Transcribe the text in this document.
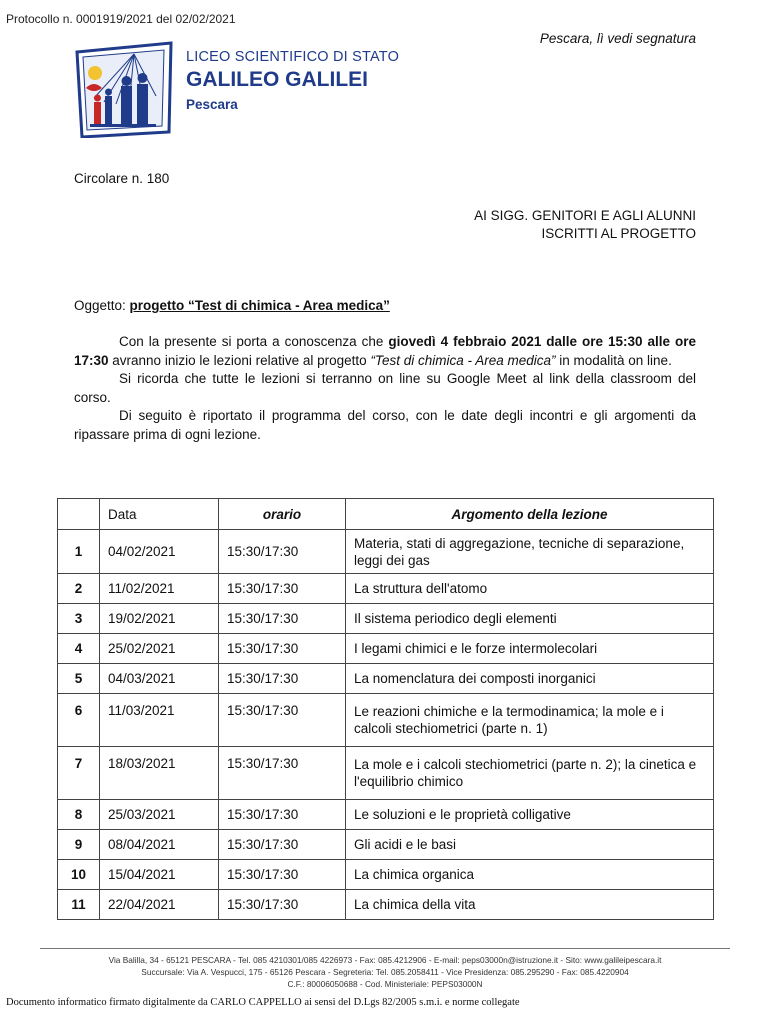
Protocollo n. 0001919/2021 del 02/02/2021
Pescara, lì vedi segnatura
LICEO SCIENTIFICO DI STATO
GALILEO GALILEI
Pescara
Circolare n. 180
AI SIGG. GENITORI E AGLI ALUNNI
ISCRITTI AL PROGETTO
Oggetto: progetto “Test di chimica - Area medica”

Con la presente si porta a conoscenza che giovedì 4 febbraio 2021 dalle ore 15:30 alle ore 17:30 avranno inizio le lezioni relative al progetto “Test di chimica - Area medica” in modalità on line.

Si ricorda che tutte le lezioni si terranno on line su Google Meet al link della classroom del corso.

Di seguito è riportato il programma del corso, con le date degli incontri e gli argomenti da ripassare prima di ogni lezione.

	Data	orario	Argomento della lezione
1	04/02/2021	15:30/17:30	Materia, stati di aggregazione, tecniche di separazione, leggi dei gas
2	11/02/2021	15:30/17:30	La struttura dell'atomo
3	19/02/2021	15:30/17:30	Il sistema periodico degli elementi
4	25/02/2021	15:30/17:30	I legami chimici e le forze intermolecolari
5	04/03/2021	15:30/17:30	La nomenclatura dei composti inorganici
6	11/03/2021	15:30/17:30	Le reazioni chimiche e la termodinamica; la mole e i calcoli stechiometrici (parte n. 1)
7	18/03/2021	15:30/17:30	La mole e i calcoli stechiometrici (parte n. 2); la cinetica e l'equilibrio chimico
8	25/03/2021	15:30/17:30	Le soluzioni e le proprietà colligative
9	08/04/2021	15:30/17:30	Gli acidi e le basi
10	15/04/2021	15:30/17:30	La chimica organica
11	22/04/2021	15:30/17:30	La chimica della vita
Via Balilla, 34 - 65121 PESCARA - Tel. 085 4210301/085 4226973 - Fax: 085.4212906 - E-mail: peps03000n@istruzione.it - Sito: www.galileipescara.it
Succursale: Via A. Vespucci, 175 - 65126 Pescara - Segreteria: Tel. 085.2058411 - Vice Presidenza: 085.295290 - Fax: 085.4220904
C.F.: 80006050688 - Cod. Ministeriale: PEPS03000N
Documento informatico firmato digitalmente da CARLO CAPPELLO ai sensi del D.Lgs 82/2005 s.m.i. e norme collegate
